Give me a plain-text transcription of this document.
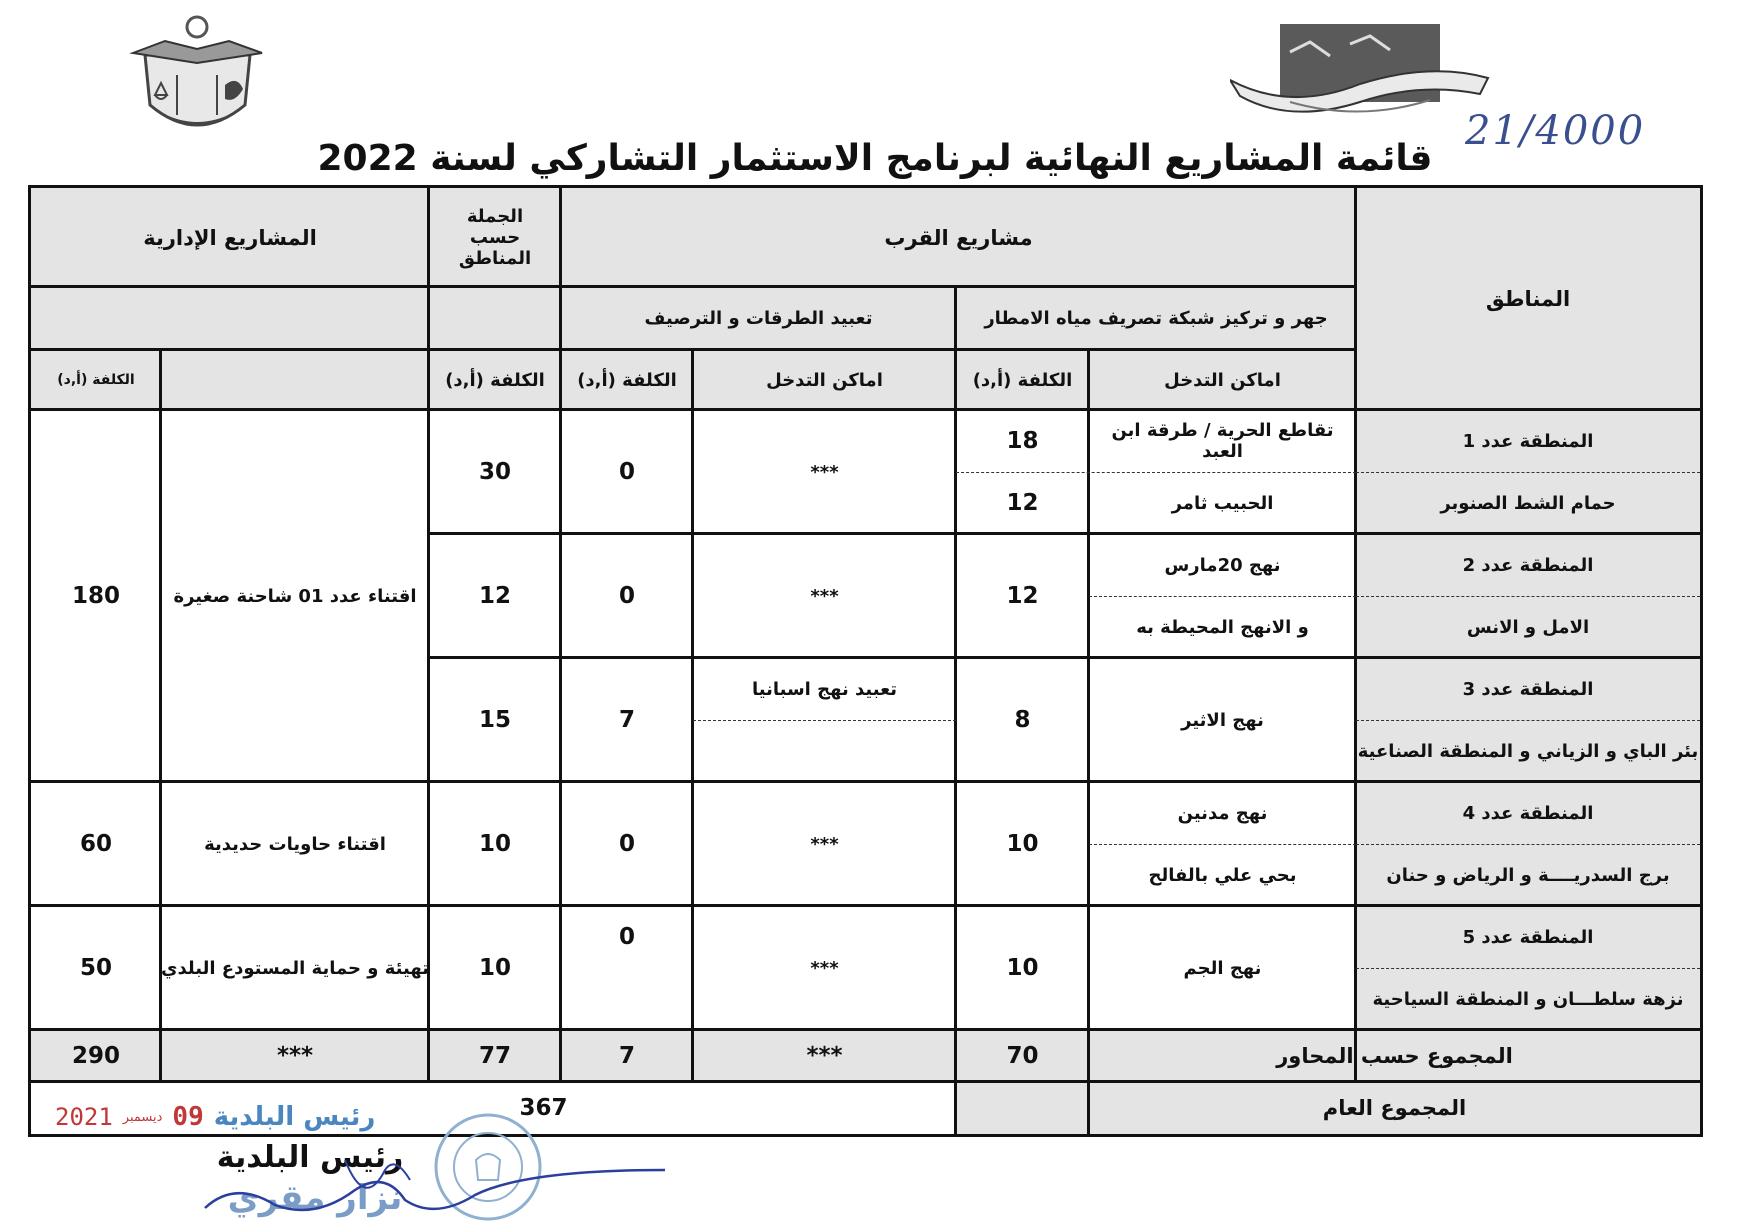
قائمة المشاريع النهائية لبرنامج الاستثمار التشاركي لسنة 2022
21/4000
المناطق
مشاريع القرب
الجملة حسب المناطق
المشاريع الإدارية
جهر و تركيز شبكة تصريف مياه الامطار
تعبيد الطرقات و الترصيف
اماكن التدخل
الكلفة (أ,د)
اماكن التدخل
الكلفة (أ,د)
الكلفة (أ,د)
الكلفة (أ,د)
المنطقة عدد 1
حمام الشط الصنوبر
المنطقة عدد 2
الامل و الانس
المنطقة عدد 3
بئر الباي و الزياني و المنطقة الصناعية
المنطقة عدد 4
برج السدريــــة و الرياض و حنان
المنطقة عدد 5
نزهة سلطـــان و المنطقة السياحية
تقاطع الحرية / طرقة ابن العبد
الحبيب ثامر
18
12
***
0
30
نهج 20مارس
و الانهج المحيطة به
12
***
0
12
نهج الاثير
8
تعبيد نهج اسبانيا
7
15
نهج مدنين
بحي علي بالفالح
10
***
0
10
نهج الجم
10
***
0
10
اقتناء عدد 01 شاحنة صغيرة
180
اقتناء حاويات حديدية
60
تهيئة و حماية المستودع البلدي
50
المجموع حسب المحاور
70
***
7
77
***
290
المجموع العام
367
2021 ديسمبر 09 رئيس البلدية
رئيس البلدية
نزار مقري
